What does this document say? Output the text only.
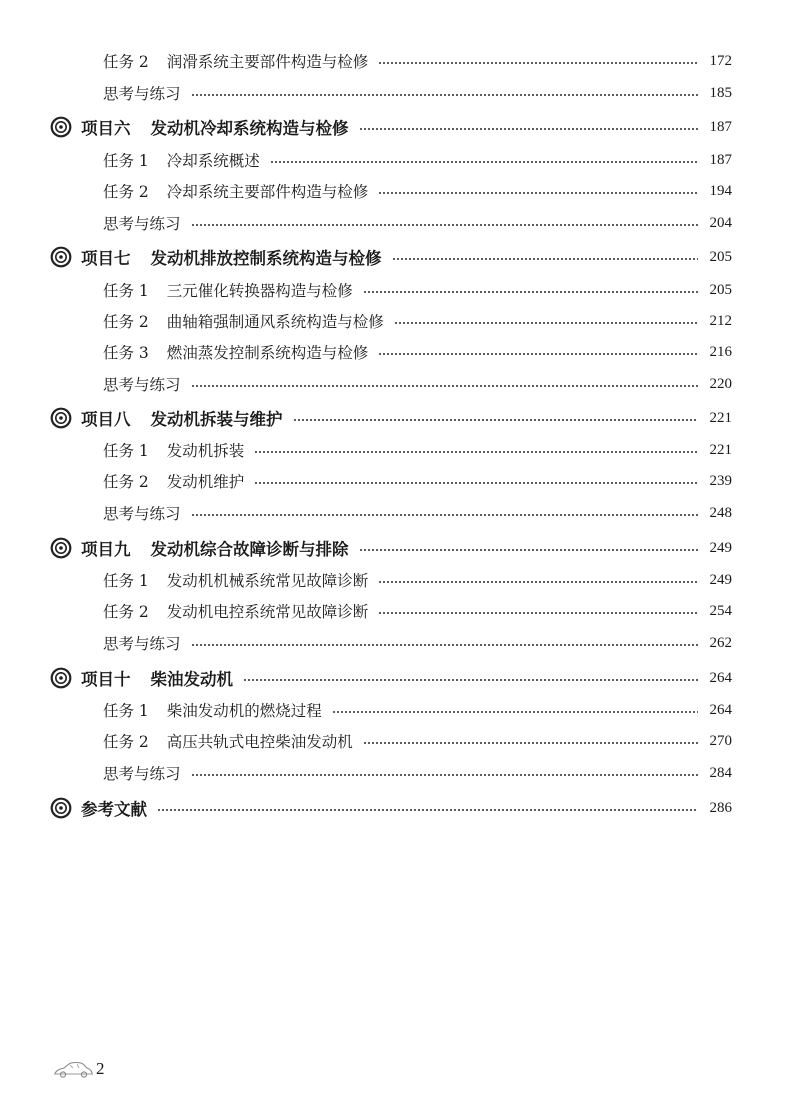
任务 2 润滑系统主要部件构造与检修	172
思考与练习	185
项目六 发动机冷却系统构造与检修	187
任务 1 冷却系统概述	187
任务 2 冷却系统主要部件构造与检修	194
思考与练习	204
项目七 发动机排放控制系统构造与检修	205
任务 1 三元催化转换器构造与检修	205
任务 2 曲轴箱强制通风系统构造与检修	212
任务 3 燃油蒸发控制系统构造与检修	216
思考与练习	220
项目八 发动机拆装与维护	221
任务 1 发动机拆装	221
任务 2 发动机维护	239
思考与练习	248
项目九 发动机综合故障诊断与排除	249
任务 1 发动机机械系统常见故障诊断	249
任务 2 发动机电控系统常见故障诊断	254
思考与练习	262
项目十 柴油发动机	264
任务 1 柴油发动机的燃烧过程	264
任务 2 高压共轨式电控柴油发动机	270
思考与练习	284
参考文献	286
2
